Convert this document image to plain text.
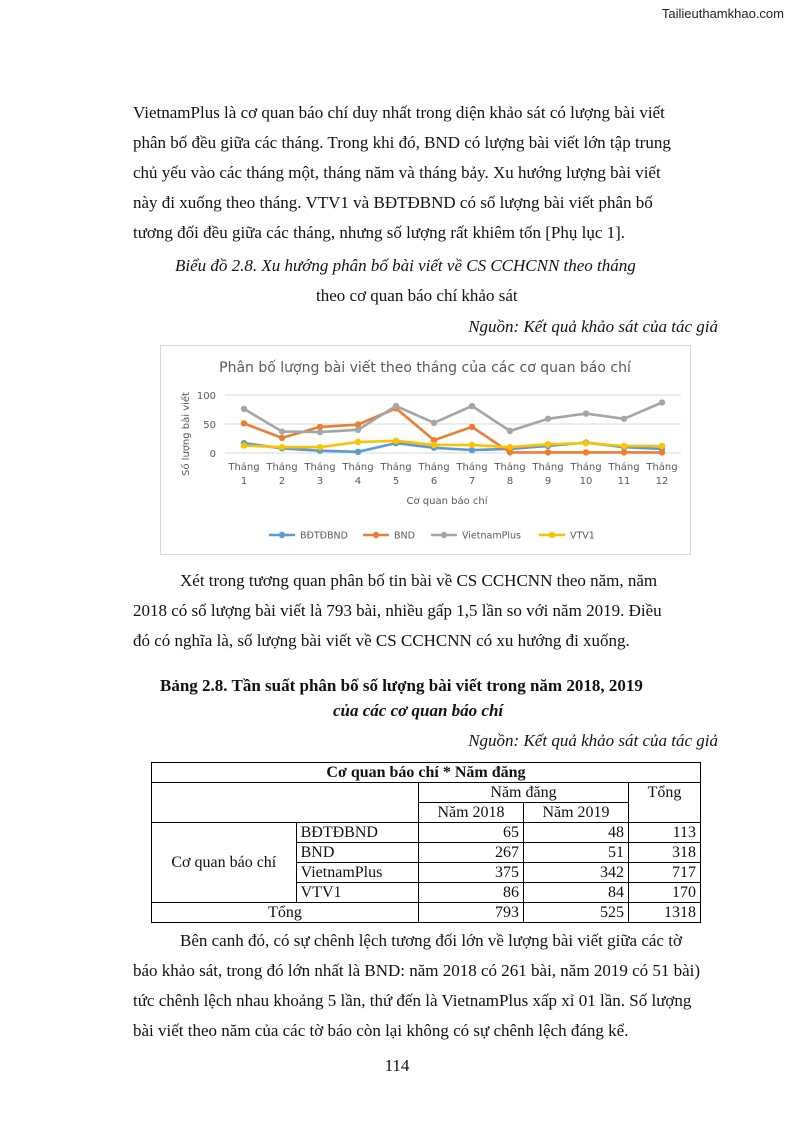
Tailieuthamkhao.com
VietnamPlus là cơ quan báo chí duy nhất trong diện khảo sát có lượng bài viết
phân bố đều giữa các tháng. Trong khi đó, BND có lượng bài viết lớn tập trung
chủ yếu vào các tháng một, tháng năm và tháng bảy. Xu hướng lượng bài viết
này đi xuống theo tháng. VTV1 và BĐTĐBND có số lượng bài viết phân bố
tương đối đều giữa các tháng, nhưng số lượng rất khiêm tốn [Phụ lục 1].
Biểu đồ 2.8. Xu hướng phân bố bài viết về CS CCHCNN theo tháng
theo cơ quan báo chí khảo sát
Nguồn: Kết quả khảo sát của tác giả
Phân bố lượng bài viết theo tháng của các cơ quan báo chí
Số lượng bài viết
Cơ quan báo chí
0
50
100
Tháng
1
Tháng
2
Tháng
3
Tháng
4
Tháng
5
Tháng
6
Tháng
7
Tháng
8
Tháng
9
Tháng
10
Tháng
11
Tháng
12
BĐTĐBND	BND	VietnamPlus	VTV1
Xét trong tương quan phân bố tin bài về CS CCHCNN theo năm, năm
2018 có số lượng bài viết là 793 bài, nhiều gấp 1,5 lần so với năm 2019. Điều
đó có nghĩa là, số lượng bài viết về CS CCHCNN có xu hướng đi xuống.
Bảng 2.8. Tần suất phân bố số lượng bài viết trong năm 2018, 2019
của các cơ quan báo chí
Nguồn: Kết quả khảo sát của tác giả
Cơ quan báo chí * Năm đăng				
		Năm đăng		Tổng
		Năm 2018	Năm 2019	
Cơ quan báo chí	BĐTĐBND	65	48	113
	BND	267	51	318
	VietnamPlus	375	342	717
	VTV1	86	84	170
Tổng		793	525	1318
Bên canh đó, có sự chênh lệch tương đối lớn về lượng bài viết giữa các tờ
báo khảo sát, trong đó lớn nhất là BND: năm 2018 có 261 bài, năm 2019 có 51 bài)
tức chênh lệch nhau khoảng 5 lần, thứ đến là VietnamPlus xấp xỉ 01 lần. Số lượng
bài viết theo năm của các tờ báo còn lại không có sự chênh lệch đáng kể.
114
